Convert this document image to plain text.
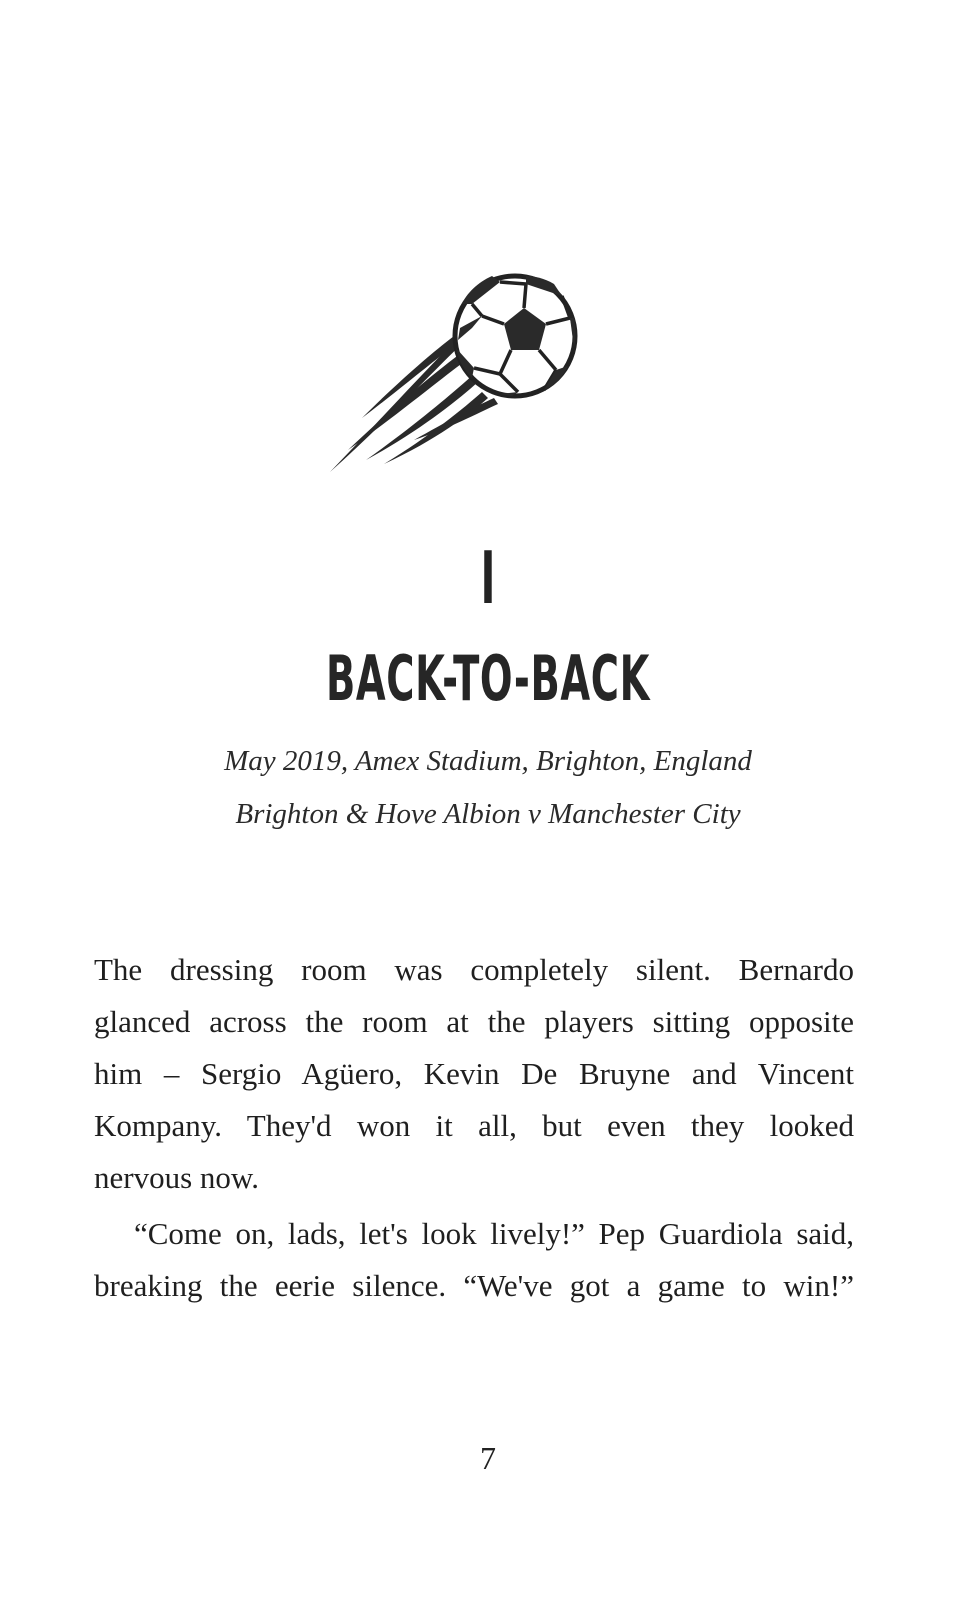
I
BACK-TO-BACK
May 2019, Amex Stadium, Brighton, England
Brighton & Hove Albion v Manchester City
The dressing room was completely silent. Bernardo
glanced across the room at the players sitting opposite
him – Sergio Agüero, Kevin De Bruyne and Vincent
Kompany. They'd won it all, but even they looked
nervous now.
“Come on, lads, let's look lively!” Pep Guardiola said,
breaking the eerie silence. “We've got a game to win!”
7
